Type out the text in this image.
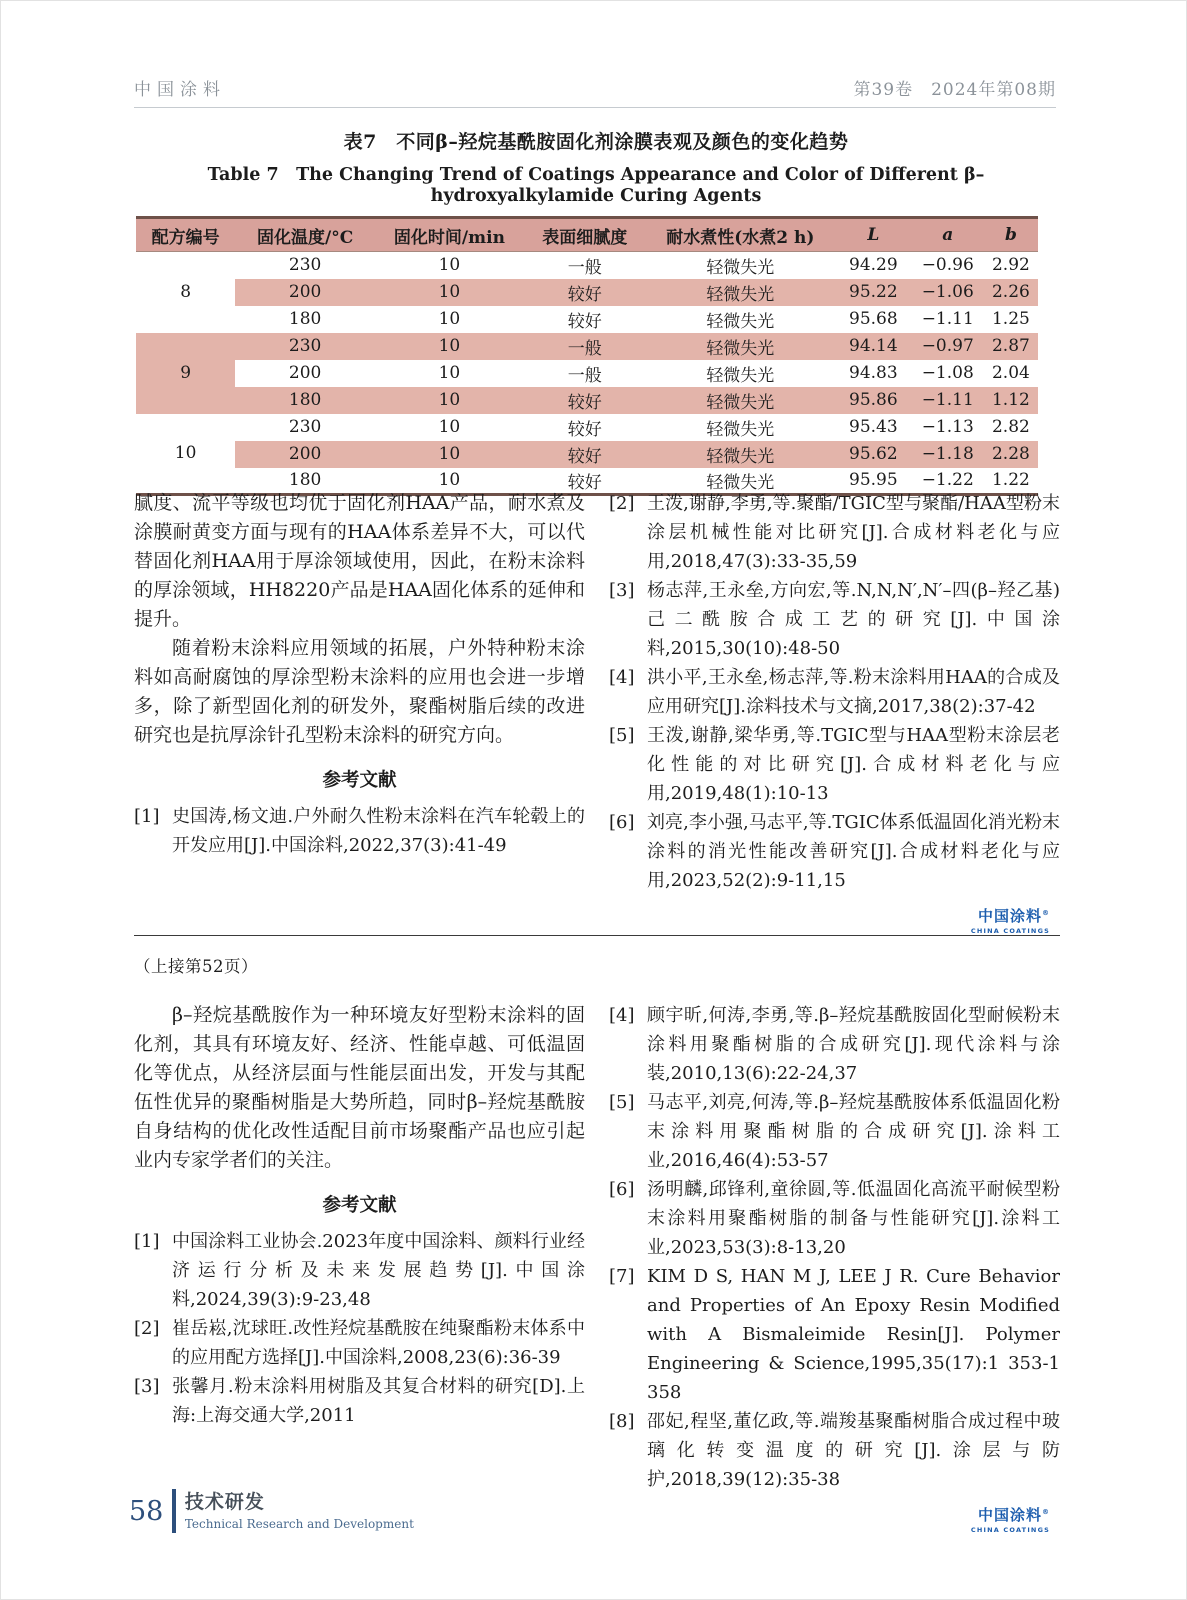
中国涂料	第39卷　2024年第08期
表7　不同β–羟烷基酰胺固化剂涂膜表观及颜色的变化趋势
Table 7　The Changing Trend of Coatings Appearance and Color of Different β–hydroxyalkylamide Curing Agents
配方编号	固化温度/°C	固化时间/min	表面细腻度	耐水煮性(水煮2 h)	L	a	b
8	230	10	一般	轻微失光	94.29	−0.96	2.92
	200	10	较好	轻微失光	95.22	−1.06	2.26
	180	10	较好	轻微失光	95.68	−1.11	1.25
9	230	10	一般	轻微失光	94.14	−0.97	2.87
	200	10	一般	轻微失光	94.83	−1.08	2.04
	180	10	较好	轻微失光	95.86	−1.11	1.12
10	230	10	较好	轻微失光	95.43	−1.13	2.82
	200	10	较好	轻微失光	95.62	−1.18	2.28
	180	10	较好	轻微失光	95.95	−1.22	1.22

腻度、流平等级也均优于固化剂HAA产品，耐水煮及涂膜耐黄变方面与现有的HAA体系差异不大，可以代替固化剂HAA用于厚涂领域使用，因此，在粉末涂料的厚涂领域，HH8220产品是HAA固化体系的延伸和提升。

随着粉末涂料应用领域的拓展，户外特种粉末涂料如高耐腐蚀的厚涂型粉末涂料的应用也会进一步增多，除了新型固化剂的研发外，聚酯树脂后续的改进研究也是抗厚涂针孔型粉末涂料的研究方向。

参考文献
[1] 史国涛,杨文迪.户外耐久性粉末涂料在汽车轮毂上的开发应用[J].中国涂料,2022,37(3):41-49
[2] 王泼,谢静,李勇,等.聚酯/TGIC型与聚酯/HAA型粉末涂层机械性能对比研究[J].合成材料老化与应用,2018,47(3):33-35,59
[3] 杨志萍,王永垒,方向宏,等.N,N,N′,N′–四(β–羟乙基)己二酰胺合成工艺的研究[J].中国涂料,2015,30(10):48-50
[4] 洪小平,王永垒,杨志萍,等.粉末涂料用HAA的合成及应用研究[J].涂料技术与文摘,2017,38(2):37-42
[5] 王泼,谢静,梁华勇,等.TGIC型与HAA型粉末涂层老化性能的对比研究[J].合成材料老化与应用,2019,48(1):10-13
[6] 刘亮,李小强,马志平,等.TGIC体系低温固化消光粉末涂料的消光性能改善研究[J].合成材料老化与应用,2023,52(2):9-11,15
中国涂料®
CHINA COATINGS
（上接第52页）

β–羟烷基酰胺作为一种环境友好型粉末涂料的固化剂，其具有环境友好、经济、性能卓越、可低温固化等优点，从经济层面与性能层面出发，开发与其配伍性优异的聚酯树脂是大势所趋，同时β–羟烷基酰胺自身结构的优化改性适配目前市场聚酯产品也应引起业内专家学者们的关注。

参考文献
[1] 中国涂料工业协会.2023年度中国涂料、颜料行业经济运行分析及未来发展趋势[J].中国涂料,2024,39(3):9-23,48
[2] 崔岳崧,沈球旺.改性羟烷基酰胺在纯聚酯粉末体系中的应用配方选择[J].中国涂料,2008,23(6):36-39
[3] 张馨月.粉末涂料用树脂及其复合材料的研究[D].上海:上海交通大学,2011
[4] 顾宇昕,何涛,李勇,等.β–羟烷基酰胺固化型耐候粉末涂料用聚酯树脂的合成研究[J].现代涂料与涂装,2010,13(6):22-24,37
[5] 马志平,刘亮,何涛,等.β–羟烷基酰胺体系低温固化粉末涂料用聚酯树脂的合成研究[J].涂料工业,2016,46(4):53-57
[6] 汤明麟,邱锋利,童徐圆,等.低温固化高流平耐候型粉末涂料用聚酯树脂的制备与性能研究[J].涂料工业,2023,53(3):8-13,20
[7] KIM D S, HAN M J, LEE J R. Cure Behavior and Properties of An Epoxy Resin Modified with A Bismaleimide Resin[J]. Polymer Engineering & Science,1995,35(17):1 353-1 358
[8] 邵妃,程坚,董亿政,等.端羧基聚酯树脂合成过程中玻璃化转变温度的研究[J].涂层与防护,2018,39(12):35-38
中国涂料®
CHINA COATINGS
58 技术研发
Technical Research and Development
